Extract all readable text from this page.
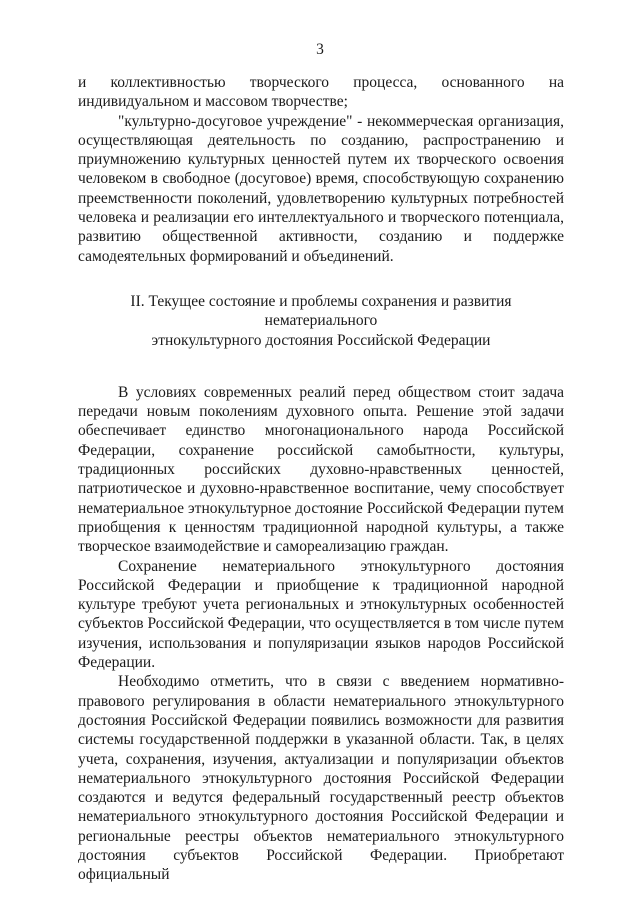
3

и коллективностью творческого процесса, основанного на индивидуальном и массовом творчестве;

"культурно-досуговое учреждение" - некоммерческая организация, осуществляющая деятельность по созданию, распространению и приумножению культурных ценностей путем их творческого освоения человеком в свободное (досуговое) время, способствующую сохранению преемственности поколений, удовлетворению культурных потребностей человека и реализации его интеллектуального и творческого потенциала, развитию общественной активности, созданию и поддержке самодеятельных формирований и объединений.

II. Текущее состояние и проблемы сохранения и развития нематериального
этнокультурного достояния Российской Федерации

В условиях современных реалий перед обществом стоит задача передачи новым поколениям духовного опыта. Решение этой задачи обеспечивает единство многонационального народа Российской Федерации, сохранение российской самобытности, культуры, традиционных российских духовно-нравственных ценностей, патриотическое и духовно-нравственное воспитание, чему способствует нематериальное этнокультурное достояние Российской Федерации путем приобщения к ценностям традиционной народной культуры, а также творческое взаимодействие и самореализацию граждан.

Сохранение нематериального этнокультурного достояния Российской Федерации и приобщение к традиционной народной культуре требуют учета региональных и этнокультурных особенностей субъектов Российской Федерации, что осуществляется в том числе путем изучения, использования и популяризации языков народов Российской Федерации.

Необходимо отметить, что в связи с введением нормативно-правового регулирования в области нематериального этнокультурного достояния Российской Федерации появились возможности для развития системы государственной поддержки в указанной области. Так, в целях учета, сохранения, изучения, актуализации и популяризации объектов нематериального этнокультурного достояния Российской Федерации создаются и ведутся федеральный государственный реестр объектов нематериального этнокультурного достояния Российской Федерации и региональные реестры объектов нематериального этнокультурного достояния субъектов Российской Федерации. Приобретают официальный
